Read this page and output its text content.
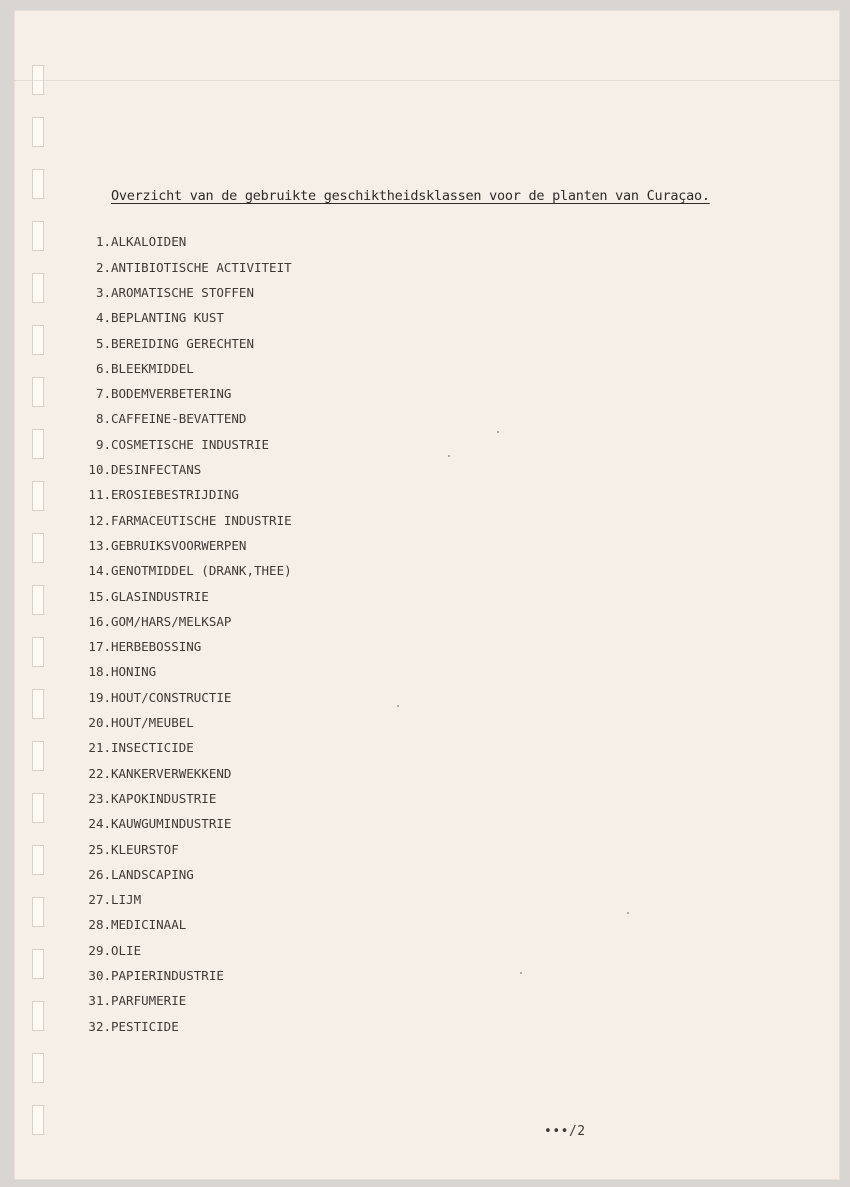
Overzicht van de gebruikte geschiktheidsklassen voor de planten van Curaçao.
1. ALKALOIDEN
2. ANTIBIOTISCHE ACTIVITEIT
3. AROMATISCHE STOFFEN
4. BEPLANTING KUST
5. BEREIDING GERECHTEN
6. BLEEKMIDDEL
7. BODEMVERBETERING
8. CAFFEINE-BEVATTEND
9. COSMETISCHE INDUSTRIE
10. DESINFECTANS
11. EROSIEBESTRIJDING
12. FARMACEUTISCHE INDUSTRIE
13. GEBRUIKSVOORWERPEN
14. GENOTMIDDEL (DRANK,THEE)
15. GLASINDUSTRIE
16. GOM/HARS/MELKSAP
17. HERBEBOSSING
18. HONING
19. HOUT/CONSTRUCTIE
20. HOUT/MEUBEL
21. INSECTICIDE
22. KANKERVERWEKKEND
23. KAPOKINDUSTRIE
24. KAUWGUMINDUSTRIE
25. KLEURSTOF
26. LANDSCAPING
27. LIJM
28. MEDICINAAL
29. OLIE
30. PAPIERINDUSTRIE
31. PARFUMERIE
32. PESTICIDE
•••/2
